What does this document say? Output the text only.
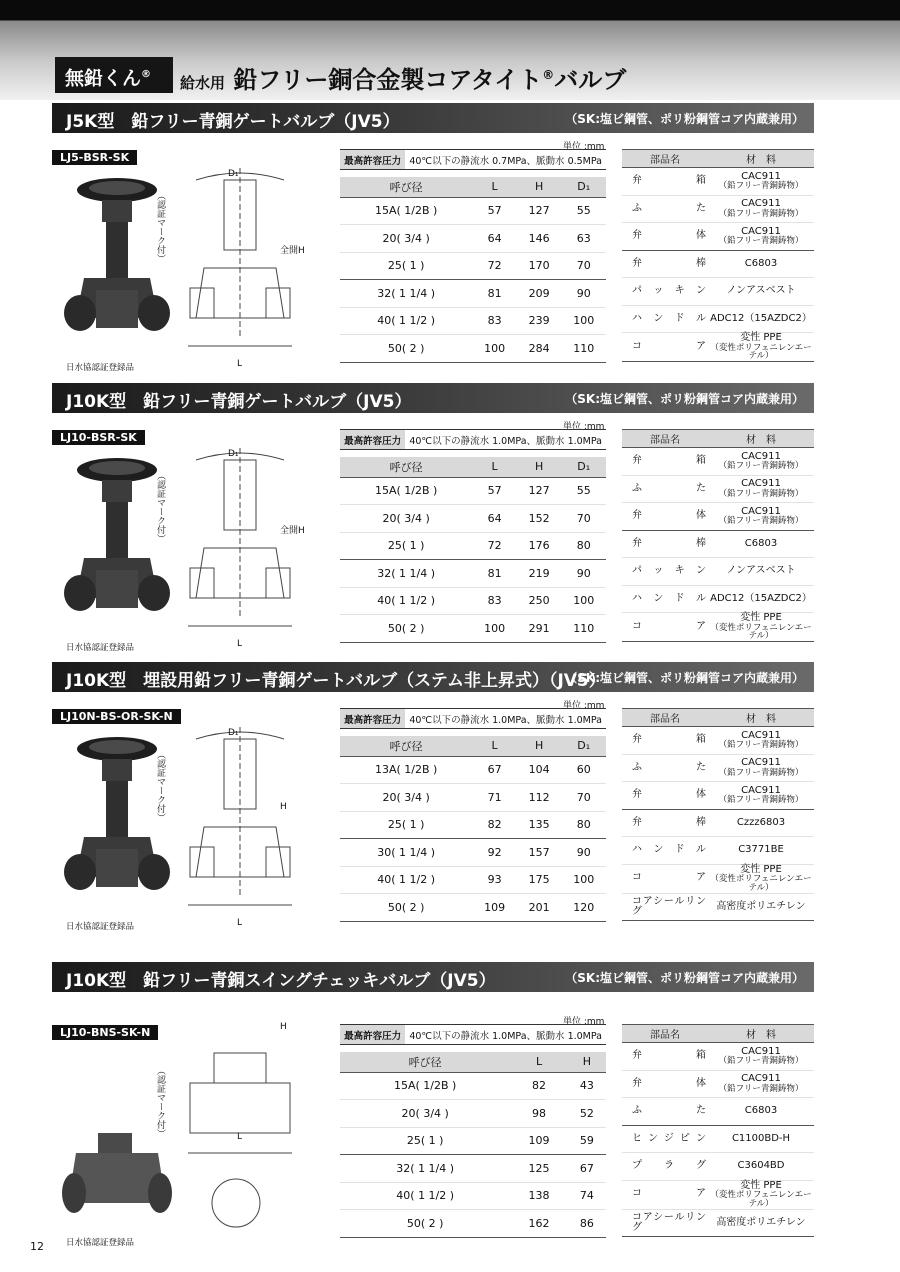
無鉛くん®	給水用 鉛フリー銅合金製コアタイト®バルブ
J5K型　鉛フリー青銅ゲートバルブ（JV5）	（SK:塩ビ鋼管、ポリ粉鋼管コア内蔵兼用）
LJ5-BSR-SK
（認証マーク付）
日水協認証登録品
D₁
全開H
L
単位 :mm
最高許容圧力	40℃以下の静流水 0.7MPa、脈動水 0.5MPa
呼び径	L	H	D₁
15A( 1/2B )	57	127	55
20( 3/4 )	64	146	63
25( 1 )	72	170	70
32( 1 1/4 )	81	209	90
40( 1 1/2 )	83	239	100
50( 2 )	100	284	110
部品名	材　料
弁　　箱	CAC911
（鉛フリー青銅鋳物）

ふ　　た	CAC911
（鉛フリー青銅鋳物）

弁　　体	CAC911
（鉛フリー青銅鋳物）

弁　　棒	C6803

パッキン	ノンアスベスト

ハンドル	ADC12（15AZDC2）

コ　　ア	変性 PPE
（変性ポリフェニレンエーテル）
J10K型　鉛フリー青銅ゲートバルブ（JV5）	（SK:塩ビ鋼管、ポリ粉鋼管コア内蔵兼用）
LJ10-BSR-SK
（認証マーク付）
日水協認証登録品
D₁
全開H
L
単位 :mm
最高許容圧力	40℃以下の静流水 1.0MPa、脈動水 1.0MPa
呼び径	L	H	D₁
15A( 1/2B )	57	127	55
20( 3/4 )	64	152	70
25( 1 )	72	176	80
32( 1 1/4 )	81	219	90
40( 1 1/2 )	83	250	100
50( 2 )	100	291	110
部品名	材　料
弁　　箱	CAC911
（鉛フリー青銅鋳物）

ふ　　た	CAC911
（鉛フリー青銅鋳物）

弁　　体	CAC911
（鉛フリー青銅鋳物）

弁　　棒	C6803

パッキン	ノンアスベスト

ハンドル	ADC12（15AZDC2）

コ　　ア	変性 PPE
（変性ポリフェニレンエーテル）
J10K型　埋設用鉛フリー青銅ゲートバルブ（ステム非上昇式）（JV5）
（SK:塩ビ鋼管、ポリ粉鋼管コア内蔵兼用）
LJ10N-BS-OR-SK-N
（認証マーク付）
日水協認証登録品
D₁
H
L
単位 :mm
最高許容圧力	40℃以下の静流水 1.0MPa、脈動水 1.0MPa
呼び径	L	H	D₁
13A( 1/2B )	67	104	60
20( 3/4 )	71	112	70
25( 1 )	82	135	80
30( 1 1/4 )	92	157	90
40( 1 1/2 )	93	175	100
50( 2 )	109	201	120
部品名	材　料
弁　　箱	CAC911
（鉛フリー青銅鋳物）

ふ　　た	CAC911
（鉛フリー青銅鋳物）

弁　　体	CAC911
（鉛フリー青銅鋳物）

弁　　棒	Czzz6803

ハンドル	C3771BE

コ　　ア	変性 PPE
（変性ポリフェニレンエーテル）

コアシールリング	高密度ポリエチレン
J10K型　鉛フリー青銅スイングチェッキバルブ（JV5）	（SK:塩ビ鋼管、ポリ粉鋼管コア内蔵兼用）
LJ10-BNS-SK-N
（認証マーク付）
日水協認証登録品
H
L
単位 :mm
最高許容圧力	40℃以下の静流水 1.0MPa、脈動水 1.0MPa
呼び径	L	H
15A( 1/2B )	82	43
20( 3/4 )	98	52
25( 1 )	109	59
32( 1 1/4 )	125	67
40( 1 1/2 )	138	74
50( 2 )	162	86
部品名	材　料
弁　　箱	CAC911
（鉛フリー青銅鋳物）

弁　　体	CAC911
（鉛フリー青銅鋳物）

ふ　　た	C6803

ヒンジピン	C1100BD-H

プ ラ グ	C3604BD

コ　　ア	変性 PPE
（変性ポリフェニレンエーテル）

コアシールリング	高密度ポリエチレン
12
